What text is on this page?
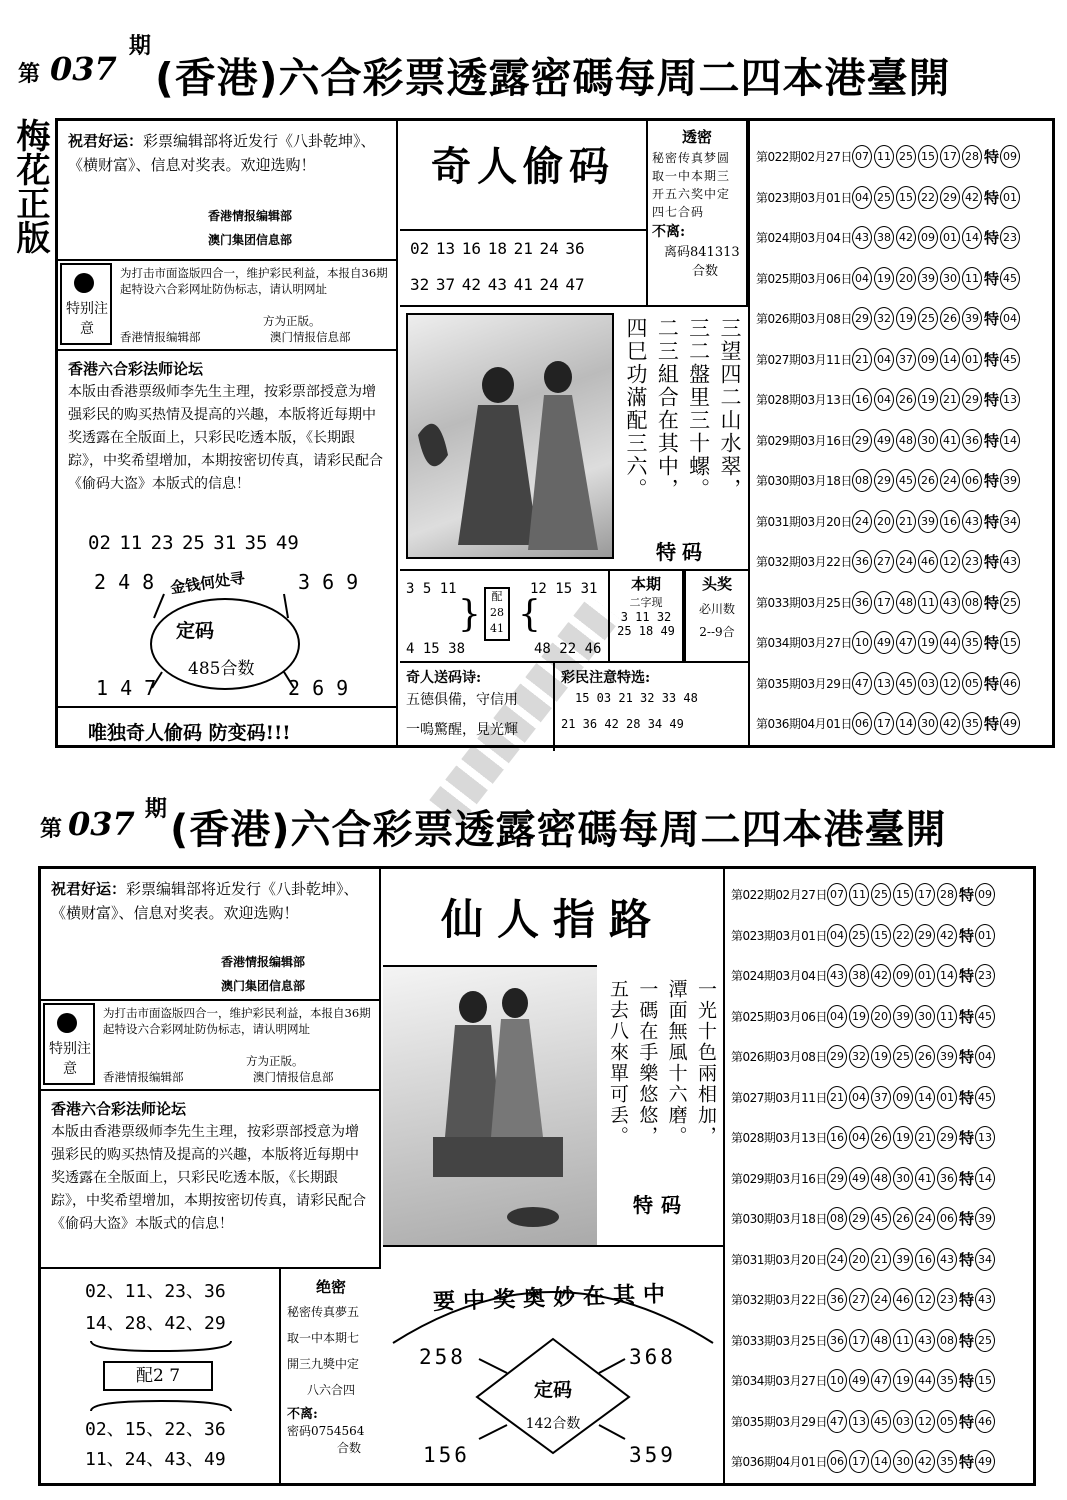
梅花正版
第 037
期
(香港)六合彩票透露密碼每周二四本港臺開
祝君好运：彩票编辑部将近发行《八卦乾坤》、《横财富》、信息对奖表。欢迎选购！
香港情报编辑部
澳门集团信息部
特别注意
为打击市面盗版四合一，维护彩民利益，本报自36期起特设六合彩网址防伪标志，请认明网址
方为正版。
香港情报编辑部	澳门情报信息部
香港六合彩法师论坛
本版由香港票级师李先生主理，按彩票部授意为增强彩民的购买热情及提高的兴趣，本版将近每期中奖透露在全版面上，只彩民吃透本版，《长期跟踪》，中奖希望增加，本期按密切传真，请彩民配合《偷码大盗》本版式的信息！
02 11 23 25 31 35 49
2 4 8	3 6 9
金钱何处寻
定码
485合数
1 4 7	2 6 9
唯独奇人偷码 防变码!!!
奇人偷码
02 13 16 18 21 24 36
32 37 42 43 41 24 47
透密
秘密传真梦圆取一中本期三开五六奖中定四七合码
不离:
离码841313
合数
三望四二山水翠，
三二盤里三十螺。
二三組合在其中，
四巳功滿配三六。
特码
3 5 11
4 15 38
} 配
28
41 {
12 15 31
48 22 46
本期
二字现
3 11 32
25 18 49
头奖
必川数
2--9合
奇人送码诗:
五德俱備，守信用
一鳴驚醒，見光輝
彩民注意特选:
15 03 21 32 33 48
21 36 42 28 34 49
第022期02月27日 07 11 25 15 17 28 特 09
第023期03月01日 04 25 15 22 29 42 特 01
第024期03月04日 43 38 42 09 01 14 特 23
第025期03月06日 04 19 20 39 30 11 特 45
第026期03月08日 29 32 19 25 26 39 特 04
第027期03月11日 21 04 37 09 14 01 特 45
第028期03月13日 16 04 26 19 21 29 特 13
第029期03月16日 29 49 48 30 41 36 特 14
第030期03月18日 08 29 45 26 24 06 特 39
第031期03月20日 24 20 21 39 16 43 特 34
第032期03月22日 36 27 24 46 12 23 特 43
第033期03月25日 36 17 48 11 43 08 特 25
第034期03月27日 10 49 47 19 44 35 特 15
第035期03月29日 47 13 45 03 12 05 特 46
第036期04月01日 06 17 14 30 42 35 特 49
第 037 期 (香港)六合彩票透露密碼每周二四本港臺開
祝君好运：彩票编辑部将近发行《八卦乾坤》、《横财富》、信息对奖表。欢迎选购！
香港情报编辑部
澳门集团信息部
特别注意
为打击市面盗版四合一，维护彩民利益，本报自36期起特设六合彩网址防伪标志，请认明网址
方为正版。
香港情报编辑部	澳门情报信息部
香港六合彩法师论坛
本版由香港票级师李先生主理，按彩票部授意为增强彩民的购买热情及提高的兴趣，本版将近每期中奖透露在全版面上，只彩民吃透本版，《长期跟踪》，中奖希望增加，本期按密切传真，请彩民配合《偷码大盗》本版式的信息！
02、11、23、36
14、28、42、29
配2 7
02、15、22、36
11、24、43、49
绝密
秘密传真夢五
取一中本期七
開三九獎中定
八六合四
不离:
密码0754564
合数
仙人指路
一光十色兩相加，
潭面無風十六磨。
一碼在手樂悠悠，
五去八來單可丢。
特码
要中奖奥妙在其中
258	368
定码
142合数
156	359
第022期02月27日 07 11 25 15 17 28 特 09
第023期03月01日 04 25 15 22 29 42 特 01
第024期03月04日 43 38 42 09 01 14 特 23
第025期03月06日 04 19 20 39 30 11 特 45
第026期03月08日 29 32 19 25 26 39 特 04
第027期03月11日 21 04 37 09 14 01 特 45
第028期03月13日 16 04 26 19 21 29 特 13
第029期03月16日 29 49 48 30 41 36 特 14
第030期03月18日 08 29 45 26 24 06 特 39
第031期03月20日 24 20 21 39 16 43 特 34
第032期03月22日 36 27 24 46 12 23 特 43
第033期03月25日 36 17 48 11 43 08 特 25
第034期03月27日 10 49 47 19 44 35 特 15
第035期03月29日 47 13 45 03 12 05 特 46
第036期04月01日 06 17 14 30 42 35 特 49
